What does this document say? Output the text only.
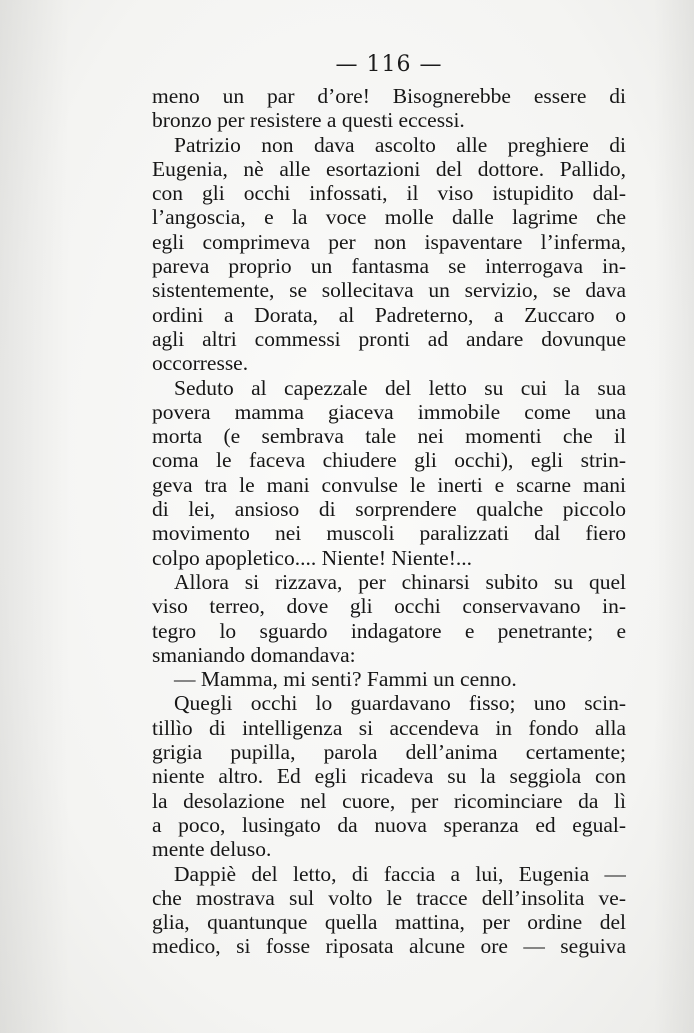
— 116 —
meno un par d’ore! Bisognerebbe essere di
bronzo per resistere a questi eccessi.
Patrizio non dava ascolto alle preghiere di
Eugenia, nè alle esortazioni del dottore. Pallido,
con gli occhi infossati, il viso istupidito dal-
l’angoscia, e la voce molle dalle lagrime che
egli comprimeva per non ispaventare l’inferma,
pareva proprio un fantasma se interrogava in-
sistentemente, se sollecitava un servizio, se dava
ordini a Dorata, al Padreterno, a Zuccaro o
agli altri commessi pronti ad andare dovunque
occorresse.
Seduto al capezzale del letto su cui la sua
povera mamma giaceva immobile come una
morta (e sembrava tale nei momenti che il
coma le faceva chiudere gli occhi), egli strin-
geva tra le mani convulse le inerti e scarne mani
di lei, ansioso di sorprendere qualche piccolo
movimento nei muscoli paralizzati dal fiero
colpo apopletico.... Niente! Niente!...
Allora si rizzava, per chinarsi subito su quel
viso terreo, dove gli occhi conservavano in-
tegro lo sguardo indagatore e penetrante; e
smaniando domandava:
— Mamma, mi senti? Fammi un cenno.
Quegli occhi lo guardavano fisso; uno scin-
tillìo di intelligenza si accendeva in fondo alla
grigia pupilla, parola dell’anima certamente;
niente altro. Ed egli ricadeva su la seggiola con
la desolazione nel cuore, per ricominciare da lì
a poco, lusingato da nuova speranza ed egual-
mente deluso.
Dappiè del letto, di faccia a lui, Eugenia —
che mostrava sul volto le tracce dell’insolita ve-
glia, quantunque quella mattina, per ordine del
medico, si fosse riposata alcune ore — seguiva
